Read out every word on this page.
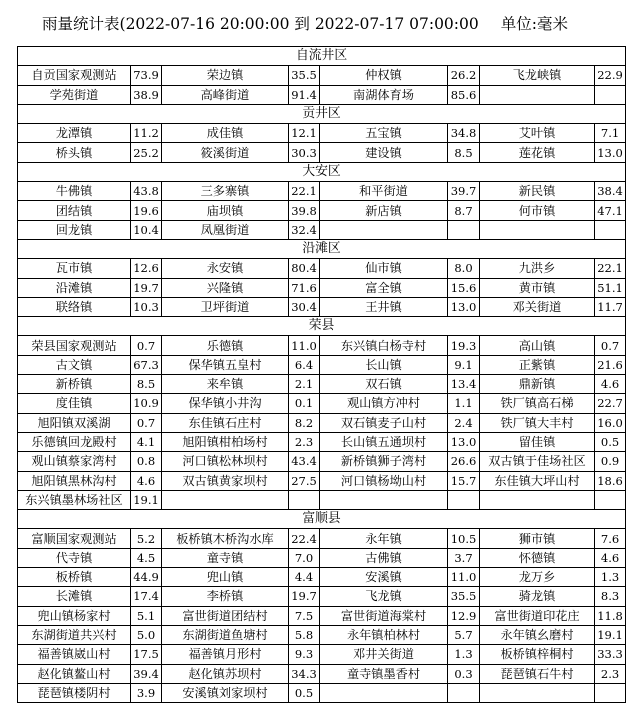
雨量统计表(2022-07-16 20:00:00 到 2022-07-17 07:00:00 单位:毫米
自流井区							
自贡国家观测站	73.9	荣边镇	35.5	仲权镇	26.2	飞龙峡镇	22.9
学苑街道	38.9	高峰街道	91.4	南湖体育场	85.6		
贡井区							
龙潭镇	11.2	成佳镇	12.1	五宝镇	34.8	艾叶镇	7.1
桥头镇	25.2	筱溪街道	30.3	建设镇	8.5	莲花镇	13.0
大安区							
牛佛镇	43.8	三多寨镇	22.1	和平街道	39.7	新民镇	38.4
团结镇	19.6	庙坝镇	39.8	新店镇	8.7	何市镇	47.1
回龙镇	10.4	凤凰街道	32.4				
沿滩区							
瓦市镇	12.6	永安镇	80.4	仙市镇	8.0	九洪乡	22.1
沿滩镇	19.7	兴隆镇	71.6	富全镇	15.6	黄市镇	51.1
联络镇	10.3	卫坪街道	30.4	王井镇	13.0	邓关街道	11.7
荣县							
荣县国家观测站	0.7	乐德镇	11.0	东兴镇白杨寺村	19.3	高山镇	0.7
古文镇	67.3	保华镇五皇村	6.4	长山镇	9.1	正紫镇	21.6
新桥镇	8.5	来牟镇	2.1	双石镇	13.4	鼎新镇	4.6
度佳镇	10.9	保华镇小井沟	0.1	观山镇方冲村	1.1	铁厂镇高石梯	22.7
旭阳镇双溪湖	0.7	东佳镇石庄村	8.2	双石镇麦子山村	2.4	铁厂镇大丰村	16.0
乐德镇回龙殿村	4.1	旭阳镇柑柏场村	2.3	长山镇五通坝村	13.0	留佳镇	0.5
观山镇蔡家湾村	0.8	河口镇松林坝村	43.4	新桥镇狮子湾村	26.6	双古镇于佳场社区	0.9
旭阳镇黑林沟村	4.6	双古镇黄家坝村	27.5	河口镇杨坳山村	15.7	东佳镇大坪山村	18.6
东兴镇墨林场社区	19.1						
富顺县							
富顺国家观测站	5.2	板桥镇木桥沟水库	22.4	永年镇	10.5	狮市镇	7.6
代寺镇	4.5	童寺镇	7.0	古佛镇	3.7	怀德镇	4.6
板桥镇	44.9	兜山镇	4.4	安溪镇	11.0	龙万乡	1.3
长滩镇	17.4	李桥镇	19.7	飞龙镇	35.5	骑龙镇	8.3
兜山镇杨家村	5.1	富世街道团结村	7.5	富世街道海棠村	12.9	富世街道印花庄	11.8
东湖街道共兴村	5.0	东湖街道鱼塘村	5.8	永年镇柏林村	5.7	永年镇幺磨村	19.1
福善镇崴山村	17.5	福善镇月形村	9.3	邓井关街道	1.3	板桥镇梓桐村	33.3
赵化镇鳌山村	39.4	赵化镇苏坝村	34.3	童寺镇墨香村	0.3	琵琶镇石牛村	2.3
琵琶镇楼阴村	3.9	安溪镇刘家坝村	0.5				
